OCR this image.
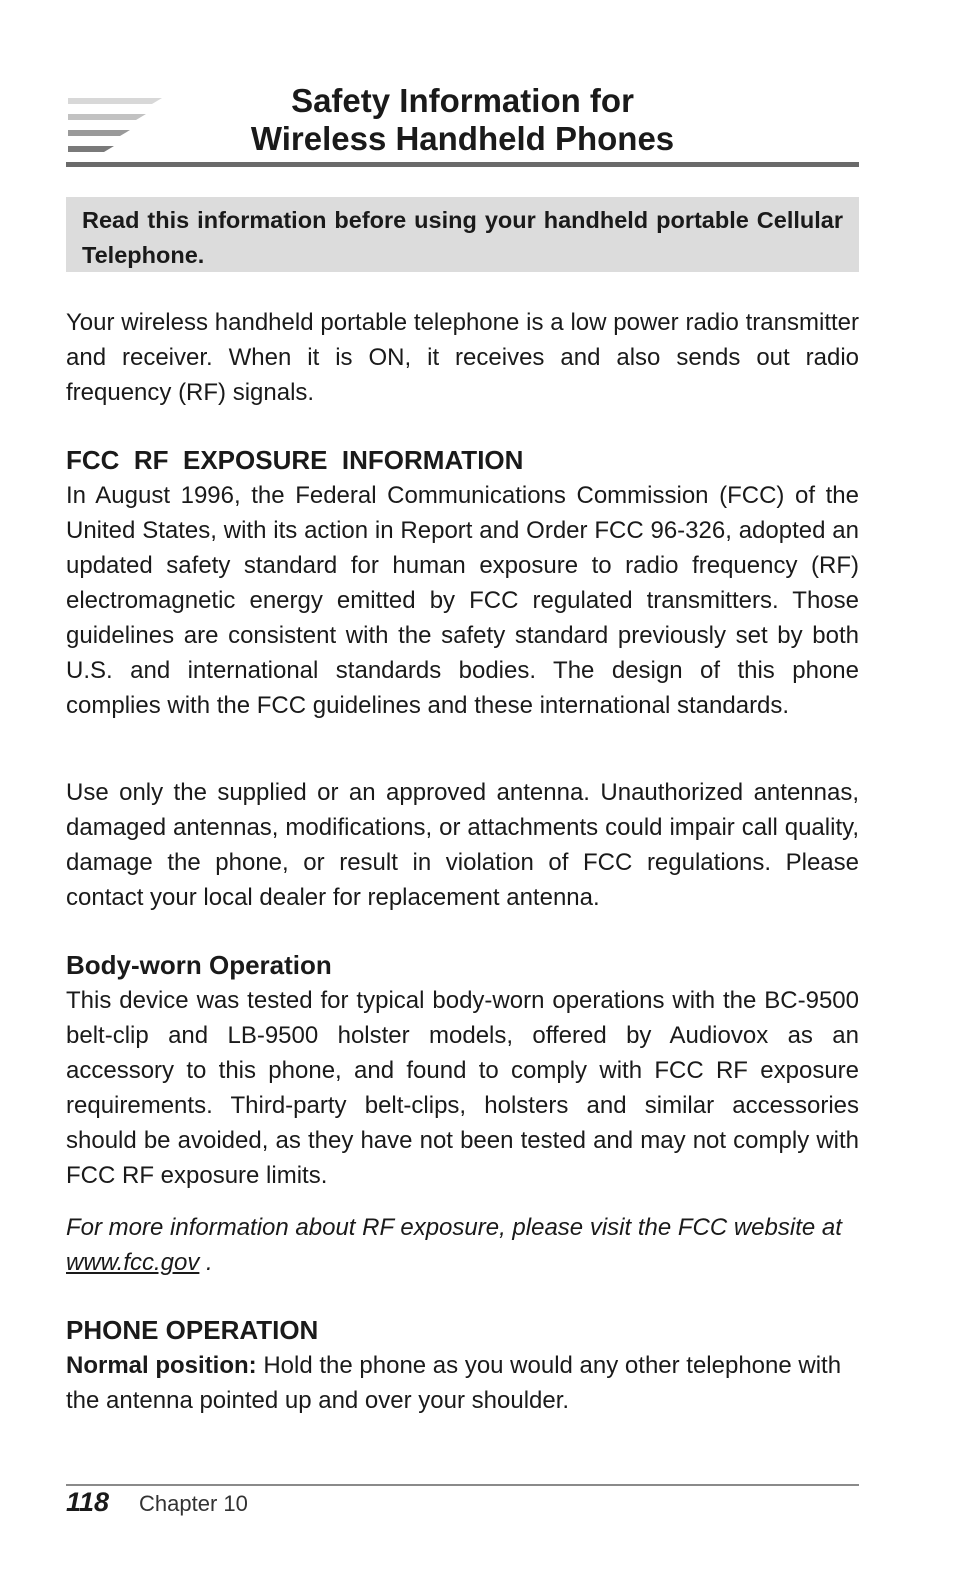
Safety Information for
Wireless Handheld Phones
Read this information before using your handheld portable Cellular Telephone.

Your wireless handheld portable telephone is a low power radio transmitter and receiver. When it is ON, it receives and also sends out radio frequency (RF) signals.

FCC  RF  EXPOSURE  INFORMATION

In August 1996, the Federal Communications Commission (FCC) of the United States, with its action in Report and Order FCC 96-326, adopted an updated safety standard for human exposure to radio frequency (RF) electromagnetic energy emitted by FCC regulated transmitters. Those guidelines are consistent with the safety standard previously set by both U.S. and international standards bodies. The design of this phone complies with the FCC guidelines and these international standards.

Use only the supplied or an approved antenna. Unauthorized antennas, damaged antennas, modifications, or attachments could impair call quality, damage the phone, or result in violation of FCC regulations. Please contact your local dealer for replacement antenna.

Body-worn Operation

This device was tested for typical body-worn operations with the BC-9500 belt-clip and LB-9500 holster models, offered by Audiovox as an accessory to this phone, and found to comply with FCC RF exposure requirements. Third-party belt-clips, holsters and similar accessories should be avoided, as they have not been tested and may not comply with FCC RF exposure limits.

For more information about RF exposure, please visit the FCC website at www.fcc.gov .

PHONE OPERATION

Normal position: Hold the phone as you would any other telephone with the antenna pointed up and over your shoulder.

118 Chapter 10
